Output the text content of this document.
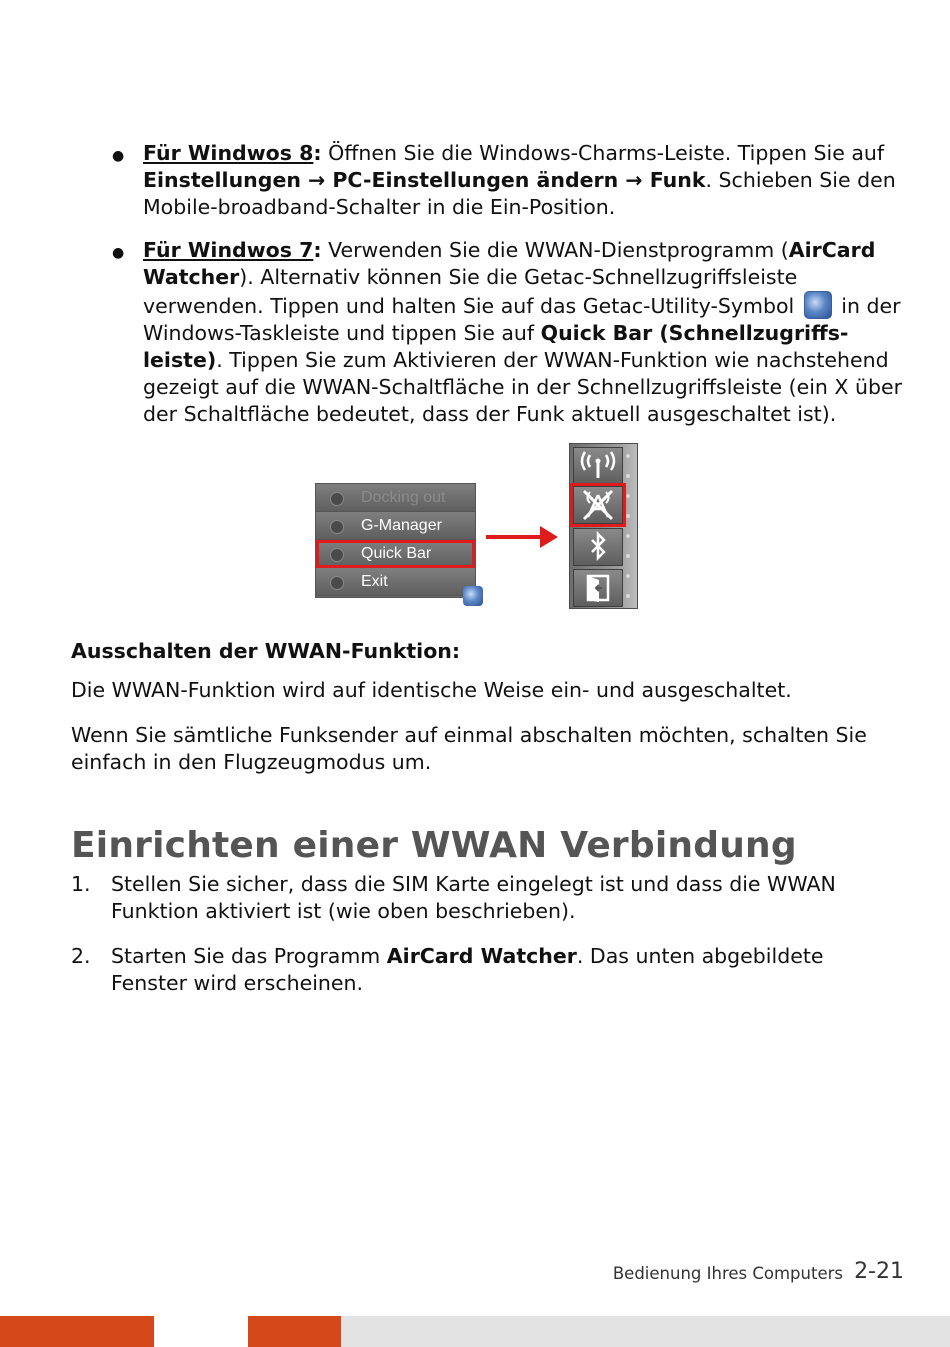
● Für Windwos 8: Öffnen Sie die Windows-Charms-Leiste. Tippen Sie auf Einstellungen → PC-Einstellungen ändern → Funk. Schieben Sie den Mobile-broadband-Schalter in die Ein-Position.
● Für Windwos 7: Verwenden Sie die WWAN-Dienstprogramm (AirCard Watcher). Alternativ können Sie die Getac-Schnellzugriffsleiste verwenden. Tippen und halten Sie auf das Getac-Utility-Symbol  in der Windows-Taskleiste und tippen Sie auf Quick Bar (Schnellzugriffs-leiste). Tippen Sie zum Aktivieren der WWAN-Funktion wie nachstehend gezeigt auf die WWAN-Schaltfläche in der Schnellzugriffsleiste (ein X über der Schaltfläche bedeutet, dass der Funk aktuell ausgeschaltet ist).
Docking out
G-Manager
Quick Bar
Exit
Ausschalten der WWAN-Funktion:
Die WWAN-Funktion wird auf identische Weise ein- und ausgeschaltet.
Wenn Sie sämtliche Funksender auf einmal abschalten möchten, schalten Sie einfach in den Flugzeugmodus um.
Einrichten einer WWAN Verbindung
1. Stellen Sie sicher, dass die SIM Karte eingelegt ist und dass die WWAN Funktion aktiviert ist (wie oben beschrieben).
2. Starten Sie das Programm AirCard Watcher. Das unten abgebildete Fenster wird erscheinen.
Bedienung Ihres Computers 2-21
